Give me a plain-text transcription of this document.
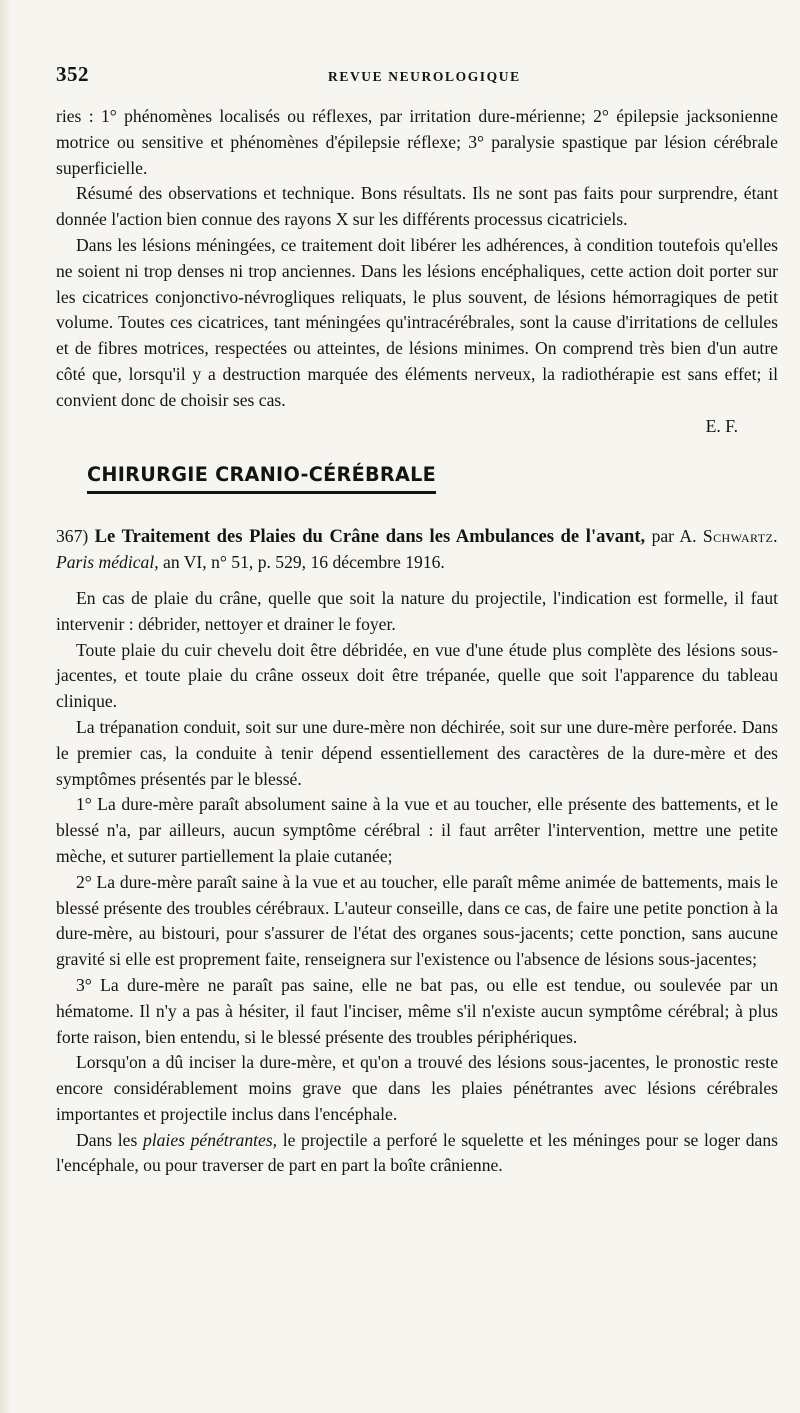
352	REVUE NEUROLOGIQUE

ries : 1° phénomènes localisés ou réflexes, par irritation dure-mérienne; 2° épilepsie jacksonienne motrice ou sensitive et phénomènes d'épilepsie réflexe; 3° paralysie spastique par lésion cérébrale superficielle.

Résumé des observations et technique. Bons résultats. Ils ne sont pas faits pour surprendre, étant donnée l'action bien connue des rayons X sur les différents processus cicatriciels.

Dans les lésions méningées, ce traitement doit libérer les adhérences, à condition toutefois qu'elles ne soient ni trop denses ni trop anciennes. Dans les lésions encéphaliques, cette action doit porter sur les cicatrices conjonctivo-névrogliques reliquats, le plus souvent, de lésions hémorragiques de petit volume. Toutes ces cicatrices, tant méningées qu'intracérébrales, sont la cause d'irritations de cellules et de fibres motrices, respectées ou atteintes, de lésions minimes. On comprend très bien d'un autre côté que, lorsqu'il y a destruction marquée des éléments nerveux, la radiothérapie est sans effet; il convient donc de choisir ses cas.

E. F.

CHIRURGIE CRANIO-CÉRÉBRALE

367) Le Traitement des Plaies du Crâne dans les Ambulances de l'avant, par A. Schwartz. Paris médical, an VI, n° 51, p. 529, 16 décembre 1916.

En cas de plaie du crâne, quelle que soit la nature du projectile, l'indication est formelle, il faut intervenir : débrider, nettoyer et drainer le foyer.

Toute plaie du cuir chevelu doit être débridée, en vue d'une étude plus complète des lésions sous-jacentes, et toute plaie du crâne osseux doit être trépanée, quelle que soit l'apparence du tableau clinique.

La trépanation conduit, soit sur une dure-mère non déchirée, soit sur une dure-mère perforée. Dans le premier cas, la conduite à tenir dépend essentiellement des caractères de la dure-mère et des symptômes présentés par le blessé.

1° La dure-mère paraît absolument saine à la vue et au toucher, elle présente des battements, et le blessé n'a, par ailleurs, aucun symptôme cérébral : il faut arrêter l'intervention, mettre une petite mèche, et suturer partiellement la plaie cutanée;

2° La dure-mère paraît saine à la vue et au toucher, elle paraît même animée de battements, mais le blessé présente des troubles cérébraux. L'auteur conseille, dans ce cas, de faire une petite ponction à la dure-mère, au bistouri, pour s'assurer de l'état des organes sous-jacents; cette ponction, sans aucune gravité si elle est proprement faite, renseignera sur l'existence ou l'absence de lésions sous-jacentes;

3° La dure-mère ne paraît pas saine, elle ne bat pas, ou elle est tendue, ou soulevée par un hématome. Il n'y a pas à hésiter, il faut l'inciser, même s'il n'existe aucun symptôme cérébral; à plus forte raison, bien entendu, si le blessé présente des troubles périphériques.

Lorsqu'on a dû inciser la dure-mère, et qu'on a trouvé des lésions sous-jacentes, le pronostic reste encore considérablement moins grave que dans les plaies pénétrantes avec lésions cérébrales importantes et projectile inclus dans l'encéphale.

Dans les plaies pénétrantes, le projectile a perforé le squelette et les méninges pour se loger dans l'encéphale, ou pour traverser de part en part la boîte crânienne.
